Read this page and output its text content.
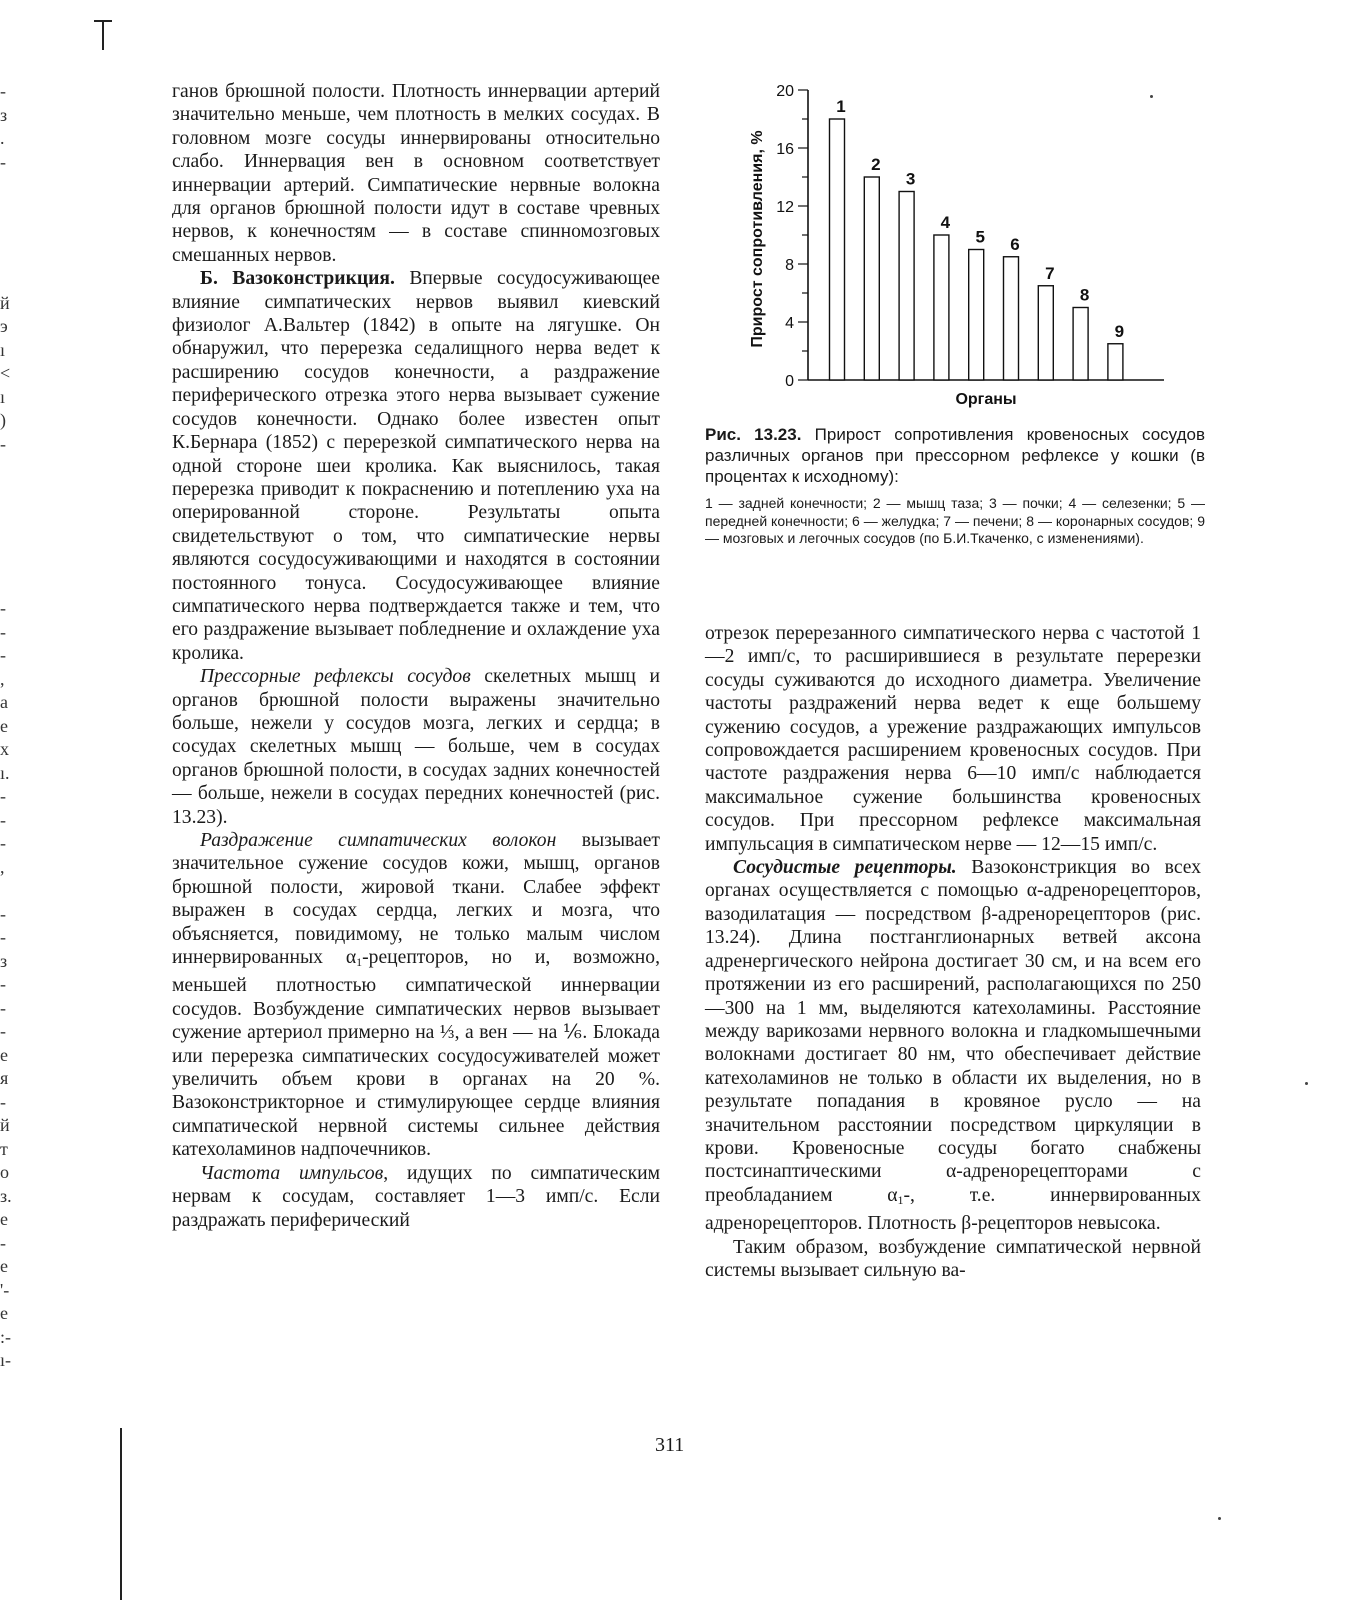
-
з
.
-
й
э
ı
<
ı
)
-
-
-
-
,
а
е
х
ı.
-
-
-
,
-
-
з
-
-
-
е
я
-
й
т
о
з.
е
-
е
'-
е
:-
ı-

ганов брюшной полости. Плотность иннервации артерий значительно меньше, чем плотность в мелких сосудах. В головном мозге сосуды иннервированы относительно слабо. Иннервация вен в основном соответствует иннервации артерий. Симпатические нервные волокна для органов брюшной полости идут в составе чревных нервов, к конечностям — в составе спинномозговых смешанных нервов.

Б. Вазоконстрикция. Впервые сосудосуживающее влияние симпатических нервов выявил киевский физиолог А.Вальтер (1842) в опыте на лягушке. Он обнаружил, что перерезка седалищного нерва ведет к расширению сосудов конечности, а раздражение периферического отрезка этого нерва вызывает сужение сосудов конечности. Однако более известен опыт К.Бернара (1852) с перерезкой симпатического нерва на одной стороне шеи кролика. Как выяснилось, такая перерезка приводит к покраснению и потеплению уха на оперированной стороне. Результаты опыта свидетельствуют о том, что симпатические нервы являются сосудосуживающими и находятся в состоянии постоянного тонуса. Сосудосуживающее влияние симпатического нерва подтверждается также и тем, что его раздражение вызывает побледнение и охлаждение уха кролика.

Прессорные рефлексы сосудов скелетных мышц и органов брюшной полости выражены значительно больше, нежели у сосудов мозга, легких и сердца; в сосудах скелетных мышц — больше, чем в сосудах органов брюшной полости, в сосудах задних конечностей — больше, нежели в сосудах передних конечностей (рис. 13.23).

Раздражение симпатических волокон вызывает значительное сужение сосудов кожи, мышц, органов брюшной полости, жировой ткани. Слабее эффект выражен в сосудах сердца, легких и мозга, что объясняется, повидимому, не только малым числом иннервированных $\alpha_1$-рецепторов, но и, возможно, меньшей плотностью симпатической иннервации сосудов. Возбуждение симпатических нервов вызывает сужение артериол примерно на ⅓, а вен — на ⅙. Блокада или перерезка симпатических сосудосуживателей может увеличить объем крови в органах на 20 %. Вазоконстрикторное и стимулирующее сердце влияния симпатической нервной системы сильнее действия катехоламинов надпочечников.

Частота импульсов, идущих по симпатическим нервам к сосудам, составляет 1—3 имп/с. Если раздражать периферический

0
4
8
12
16
20
1
2
3
4
5 6
7
8
9
Органы
Прирост сопротивления, %

Рис. 13.23. Прирост сопротивления кровеносных сосудов различных органов при прессорном рефлексе у кошки (в процентах к исходному):

1 — задней конечности; 2 — мышц таза; 3 — почки; 4 — селезенки; 5 — передней конечности; 6 — желудка; 7 — печени; 8 — коронарных сосудов; 9 — мозговых и легочных сосудов (по Б.И.Ткаченко, с изменениями).

отрезок перерезанного симпатического нерва с частотой 1—2 имп/с, то расширившиеся в результате перерезки сосуды суживаются до исходного диаметра. Увеличение частоты раздражений нерва ведет к еще большему сужению сосудов, а урежение раздражающих импульсов сопровождается расширением кровеносных сосудов. При частоте раздражения нерва 6—10 имп/с наблюдается максимальное сужение большинства кровеносных сосудов. При прессорном рефлексе максимальная импульсация в симпатическом нерве — 12—15 имп/с.

Сосудистые рецепторы. Вазоконстрикция во всех органах осуществляется с помощью α-адренорецепторов, вазодилатация — посредством β-адренорецепторов (рис. 13.24). Длина постганглионарных ветвей аксона адренергического нейрона достигает 30 см, и на всем его протяжении из его расширений, располагающихся по 250—300 на 1 мм, выделяются катехоламины. Расстояние между варикозами нервного волокна и гладкомышечными волокнами достигает 80 нм, что обеспечивает действие катехоламинов не только в области их выделения, но в результате попадания в кровяное русло — на значительном расстоянии посредством циркуляции в крови. Кровеносные сосуды богато снабжены постсинаптическими α-адренорецепторами с преобладанием $\alpha_1-$, т.е. иннервированных адренорецепторов. Плотность β-рецепторов невысока.

Таким образом, возбуждение симпатической нервной системы вызывает сильную ва-

311
